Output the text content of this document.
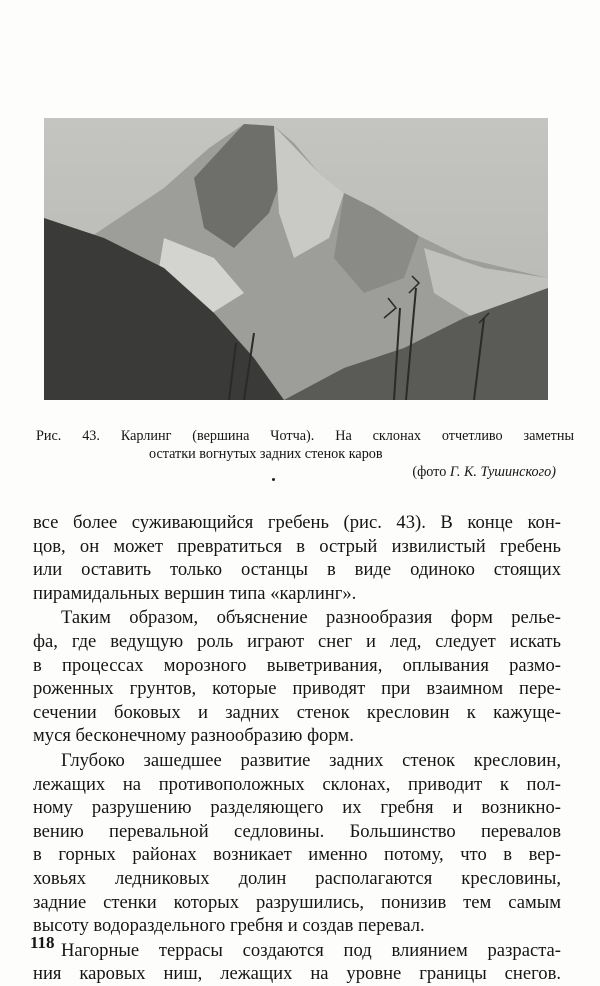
Рис. 43. Карлинг (вершина Чотча). На склонах отчетливо заметны
остатки вогнутых задних стенок каров
(фото Г. К. Тушинского)

все более суживающийся гребень (рис. 43). В конце кон-
цов, он может превратиться в острый извилистый гребень
или оставить только останцы в виде одиноко стоящих
пирамидальных вершин типа «карлинг».

Таким образом, объяснение разнообразия форм релье-
фа, где ведущую роль играют снег и лед, следует искать
в процессах морозного выветривания, оплывания размо-
роженных грунтов, которые приводят при взаимном пере-
сечении боковых и задних стенок кресловин к кажуще-
муся бесконечному разнообразию форм.

Глубоко зашедшее развитие задних стенок кресловин,
лежащих на противоположных склонах, приводит к пол-
ному разрушению разделяющего их гребня и возникно-
вению перевальной седловины. Большинство перевалов
в горных районах возникает именно потому, что в вер-
ховьях ледниковых долин располагаются кресловины,
задние стенки которых разрушились, понизив тем самым
высоту водораздельного гребня и создав перевал.

Нагорные террасы создаются под влиянием разраста-
ния каровых ниш, лежащих на уровне границы снегов.

118
